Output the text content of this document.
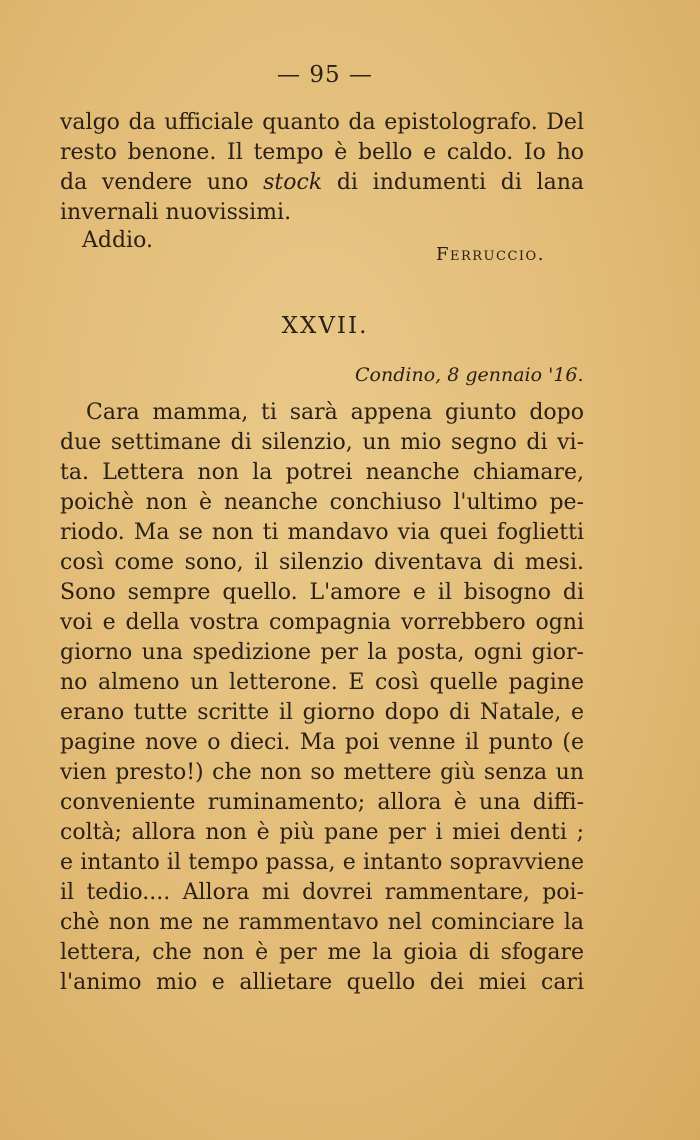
— 95 —
valgo da ufficiale quanto da epistolografo. Del
resto benone. Il tempo è bello e caldo. Io ho
da vendere uno stock di indumenti di lana
invernali nuovissimi.
Addio.
Ferruccio.
XXVII.
Condino, 8 gennaio '16.
Cara mamma, ti sarà appena giunto dopo
due settimane di silenzio, un mio segno di vi-
ta. Lettera non la potrei neanche chiamare,
poichè non è neanche conchiuso l'ultimo pe-
riodo. Ma se non ti mandavo via quei foglietti
così come sono, il silenzio diventava di mesi.
Sono sempre quello. L'amore e il bisogno di
voi e della vostra compagnia vorrebbero ogni
giorno una spedizione per la posta, ogni gior-
no almeno un letterone. E così quelle pagine
erano tutte scritte il giorno dopo di Natale, e
pagine nove o dieci. Ma poi venne il punto (e
vien presto!) che non so mettere giù senza un
conveniente ruminamento; allora è una diffi-
coltà; allora non è più pane per i miei denti ;
e intanto il tempo passa, e intanto sopravviene
il tedio.... Allora mi dovrei rammentare, poi-
chè non me ne rammentavo nel cominciare la
lettera, che non è per me la gioia di sfogare
l'animo mio e allietare quello dei miei cari
